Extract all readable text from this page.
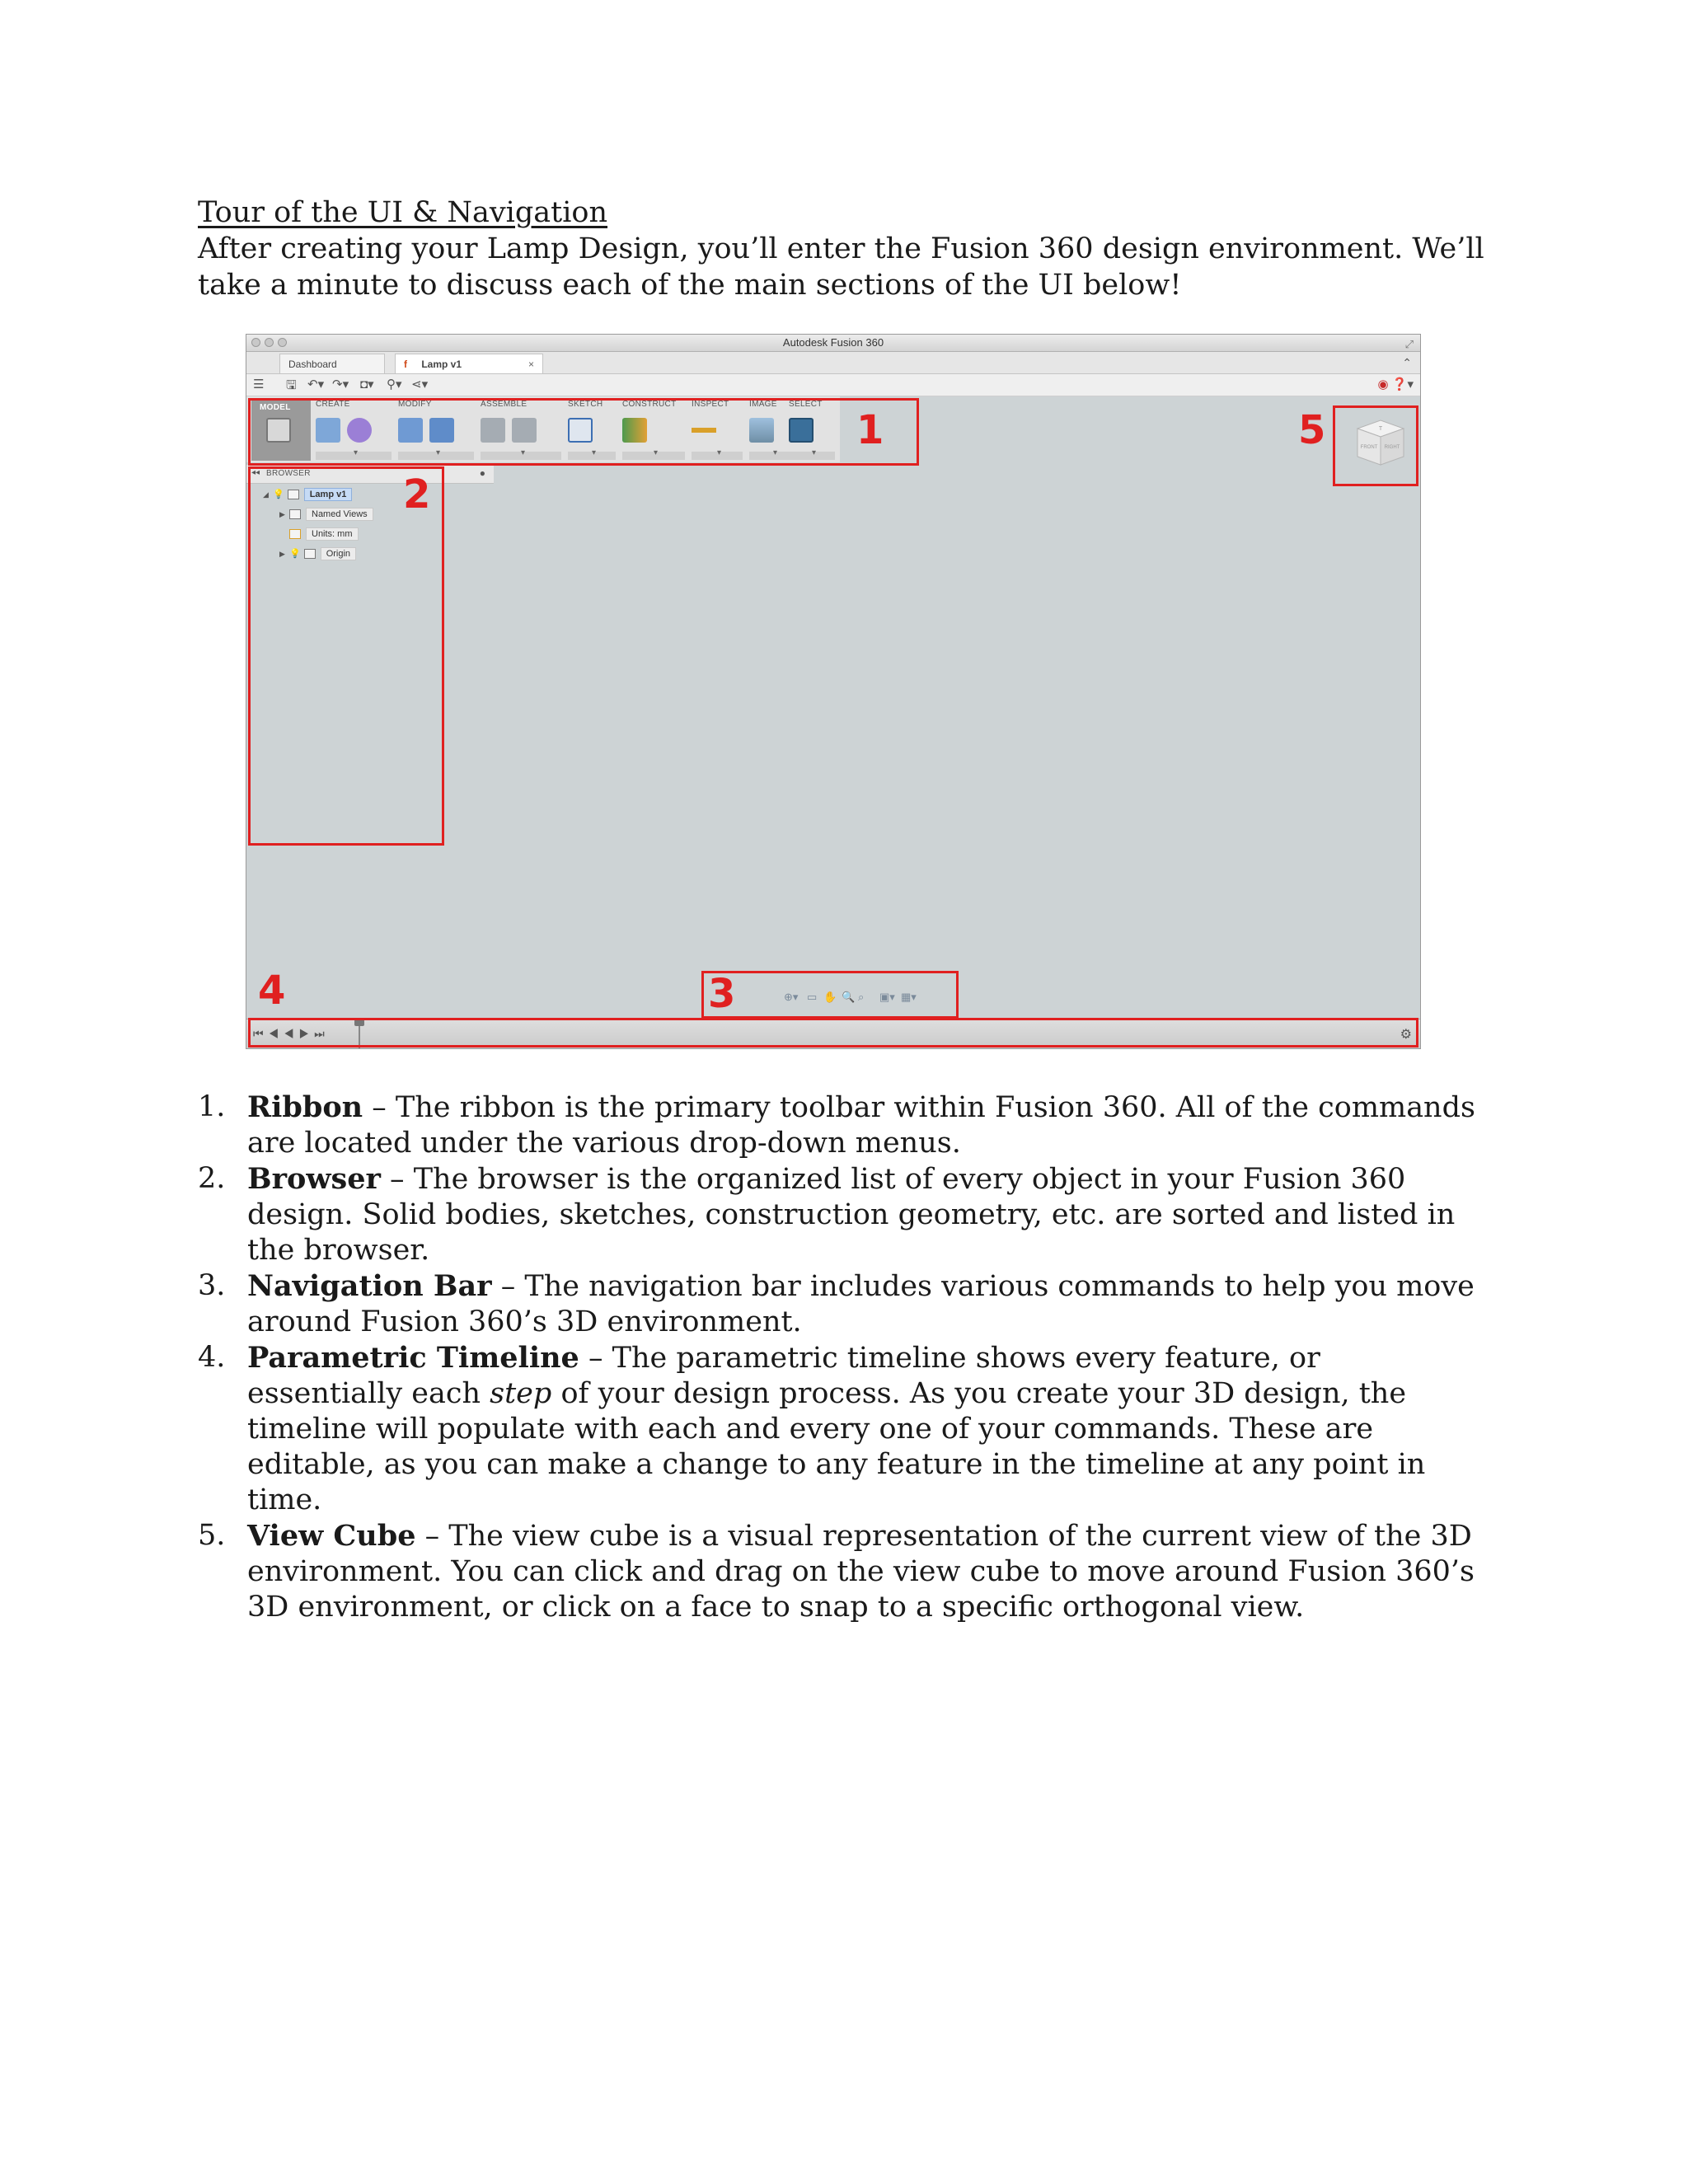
Tour of the UI & Navigation
After creating your Lamp Design, you’ll enter the Fusion 360 design environment. We’ll take a minute to discuss each of the main sections of the UI below!
Autodesk Fusion 360	⤢
Dashboard	f Lamp v1	×	⌃
☰ 🖫 ↶▾ ↷▾ ◘▾ ⚲▾ ⋖▾	◉ ❓▾
MODEL	CREATE
▾	MODIFY
▾	ASSEMBLE
▾	SKETCH
▾ CONSTRUCT
▾ INSPECT
▾ IMAGE
▾ SELECT
▾
◂◂ BROWSER	●
◢ 💡	Lamp v1
▶	Named Views
Units: mm
▶ 💡	Origin
T
FRONT RIGHT
⊕▾ ▭ ✋ 🔍 ⌕ ▣▾ ▦▾
⏮◀◀▶⏭	⚙
1
2
3
4
5
1. Ribbon – The ribbon is the primary toolbar within Fusion 360. All of the commands are located under the various drop-down menus.
2. Browser – The browser is the organized list of every object in your Fusion 360 design. Solid bodies, sketches, construction geometry, etc. are sorted and listed in the browser.
3. Navigation Bar – The navigation bar includes various commands to help you move around Fusion 360’s 3D environment.
4. Parametric Timeline – The parametric timeline shows every feature, or essentially each step of your design process. As you create your 3D design, the timeline will populate with each and every one of your commands. These are editable, as you can make a change to any feature in the timeline at any point in time.
5. View Cube – The view cube is a visual representation of the current view of the 3D environment. You can click and drag on the view cube to move around Fusion 360’s 3D environment, or click on a face to snap to a specific orthogonal view.
